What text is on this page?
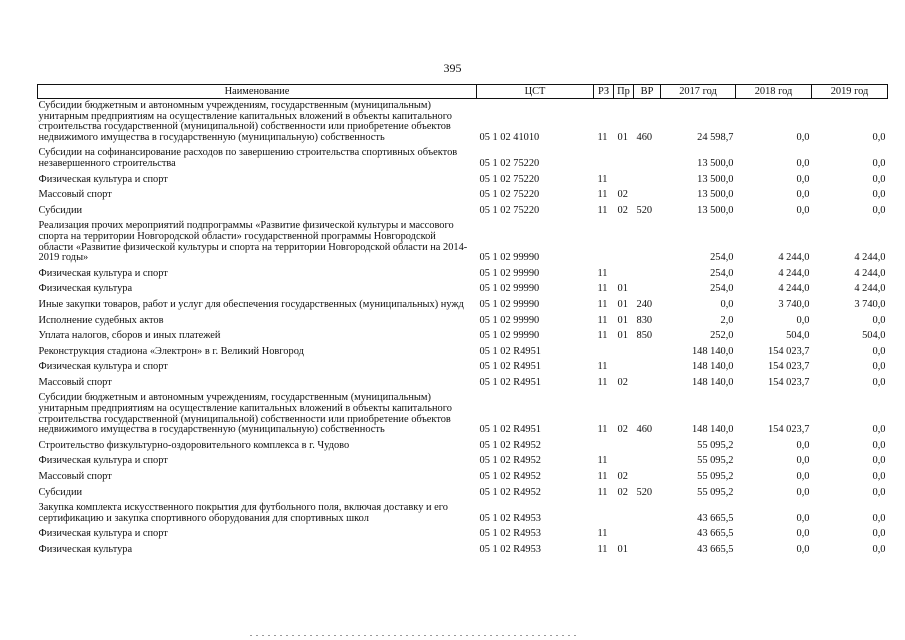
395
Наименование	ЦСТ	РЗ	Пр	ВР	2017 год	2018 год	2019 год
Субсидии бюджетным и автономным учреждениям, государственным (муниципальным) унитарным предприятиям на осуществление капитальных вложений в объекты капитального строительства государственной (муниципальной) собственности или приобретение объектов недвижимого имущества в государственную (муниципальную) собственность	05 1 02 41010	11	01	460	24 598,7	0,0	0,0
Субсидии на софинансирование расходов по завершению строительства спортивных объектов незавершенного строительства	05 1 02 75220				13 500,0	0,0	0,0
Физическая культура и спорт	05 1 02 75220	11			13 500,0	0,0	0,0
Массовый спорт	05 1 02 75220	11	02		13 500,0	0,0	0,0
Субсидии	05 1 02 75220	11	02	520	13 500,0	0,0	0,0
Реализация прочих мероприятий подпрограммы «Развитие физической культуры и массового спорта на территории Новгородской области» государственной программы Новгородской области «Развитие физической культуры и спорта на территории Новгородской области на 2014-2019 годы»	05 1 02 99990				254,0	4 244,0	4 244,0
Физическая культура и спорт	05 1 02 99990	11			254,0	4 244,0	4 244,0
Физическая культура	05 1 02 99990	11	01		254,0	4 244,0	4 244,0
Иные закупки товаров, работ и услуг для обеспечения государственных (муниципальных) нужд	05 1 02 99990	11	01	240	0,0	3 740,0	3 740,0
Исполнение судебных актов	05 1 02 99990	11	01	830	2,0	0,0	0,0
Уплата налогов, сборов и иных платежей	05 1 02 99990	11	01	850	252,0	504,0	504,0
Реконструкция стадиона «Электрон» в г. Великий Новгород	05 1 02 R4951				148 140,0	154 023,7	0,0
Физическая культура и спорт	05 1 02 R4951	11			148 140,0	154 023,7	0,0
Массовый спорт	05 1 02 R4951	11	02		148 140,0	154 023,7	0,0
Субсидии бюджетным и автономным учреждениям, государственным (муниципальным) унитарным предприятиям на осуществление капитальных вложений в объекты капитального строительства государственной (муниципальной) собственности или приобретение объектов недвижимого имущества в государственную (муниципальную) собственность	05 1 02 R4951	11	02	460	148 140,0	154 023,7	0,0
Строительство физкультурно-оздоровительного комплекса в г. Чудово	05 1 02 R4952				55 095,2	0,0	0,0
Физическая культура и спорт	05 1 02 R4952	11			55 095,2	0,0	0,0
Массовый спорт	05 1 02 R4952	11	02		55 095,2	0,0	0,0
Субсидии	05 1 02 R4952	11	02	520	55 095,2	0,0	0,0
Закупка комплекта искусственного покрытия для футбольного поля, включая доставку и его сертификацию и закупка спортивного оборудования для спортивных школ	05 1 02 R4953				43 665,5	0,0	0,0
Физическая культура и спорт	05 1 02 R4953	11			43 665,5	0,0	0,0
Физическая культура	05 1 02 R4953	11	01		43 665,5	0,0	0,0
